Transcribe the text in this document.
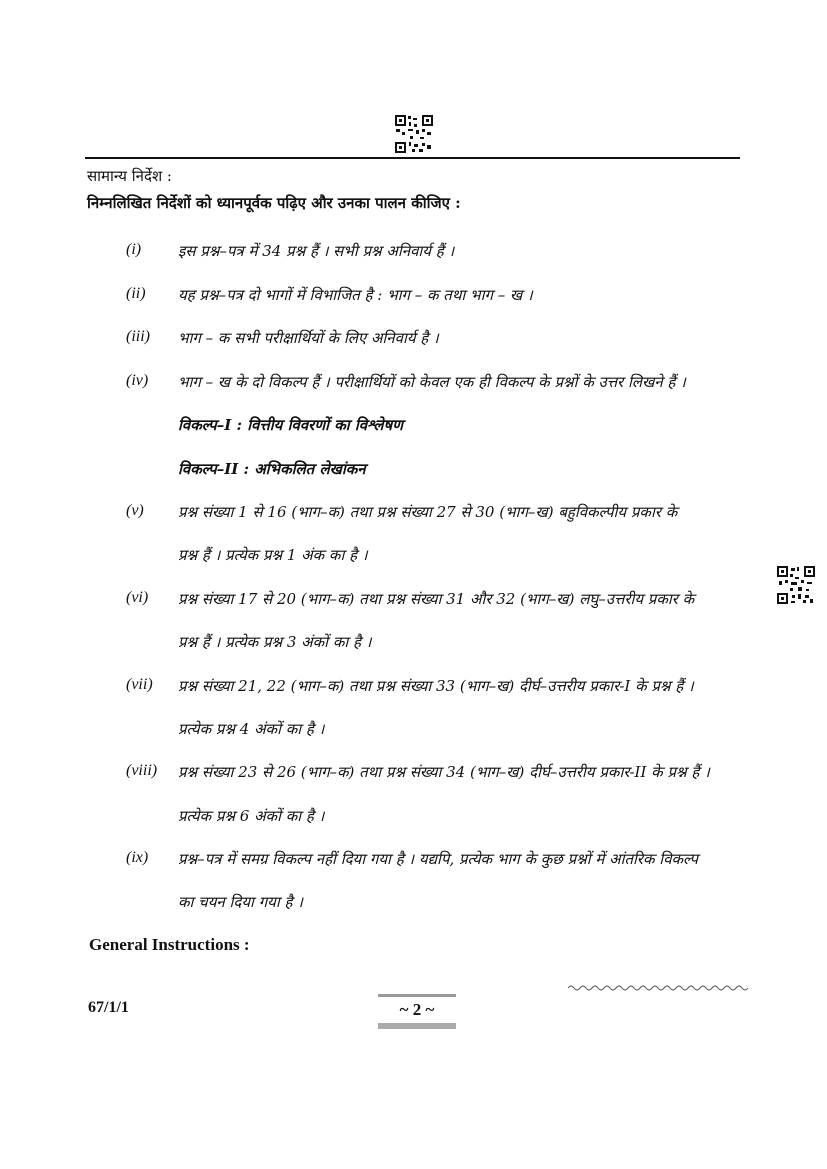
सामान्य निर्देश :
निम्नलिखित निर्देशों को ध्यानपूर्वक पढ़िए और उनका पालन कीजिए :
(i) इस प्रश्न–पत्र में 34 प्रश्न हैं । सभी प्रश्न अनिवार्य हैं ।
(ii) यह प्रश्न–पत्र दो भागों में विभाजित है : भाग – क तथा भाग – ख ।
(iii) भाग – क सभी परीक्षार्थियों के लिए अनिवार्य है ।
(iv) भाग – ख के दो विकल्प हैं । परीक्षार्थियों को केवल एक ही विकल्प के प्रश्नों के उत्तर लिखने हैं ।
विकल्प–I : वित्तीय विवरणों का विश्लेषण
विकल्प–II : अभिकलित लेखांकन
(v) प्रश्न संख्या 1 से 16 (भाग–क) तथा प्रश्न संख्या 27 से 30 (भाग–ख) बहुविकल्पीय प्रकार के
प्रश्न हैं । प्रत्येक प्रश्न 1 अंक का है ।
(vi) प्रश्न संख्या 17 से 20 (भाग–क) तथा प्रश्न संख्या 31 और 32 (भाग–ख) लघु–उत्तरीय प्रकार के
प्रश्न हैं । प्रत्येक प्रश्न 3 अंकों का है ।
(vii) प्रश्न संख्या 21, 22 (भाग–क) तथा प्रश्न संख्या 33 (भाग–ख) दीर्घ–उत्तरीय प्रकार-I के प्रश्न हैं ।
प्रत्येक प्रश्न 4 अंकों का है ।
(viii) प्रश्न संख्या 23 से 26 (भाग–क) तथा प्रश्न संख्या 34 (भाग–ख) दीर्घ–उत्तरीय प्रकार-II के प्रश्न हैं ।
प्रत्येक प्रश्न 6 अंकों का है ।
(ix) प्रश्न–पत्र में समग्र विकल्प नहीं दिया गया है । यद्यपि, प्रत्येक भाग के कुछ प्रश्नों में आंतरिक विकल्प
का चयन दिया गया है ।
General Instructions :
67/1/1	~ 2 ~
